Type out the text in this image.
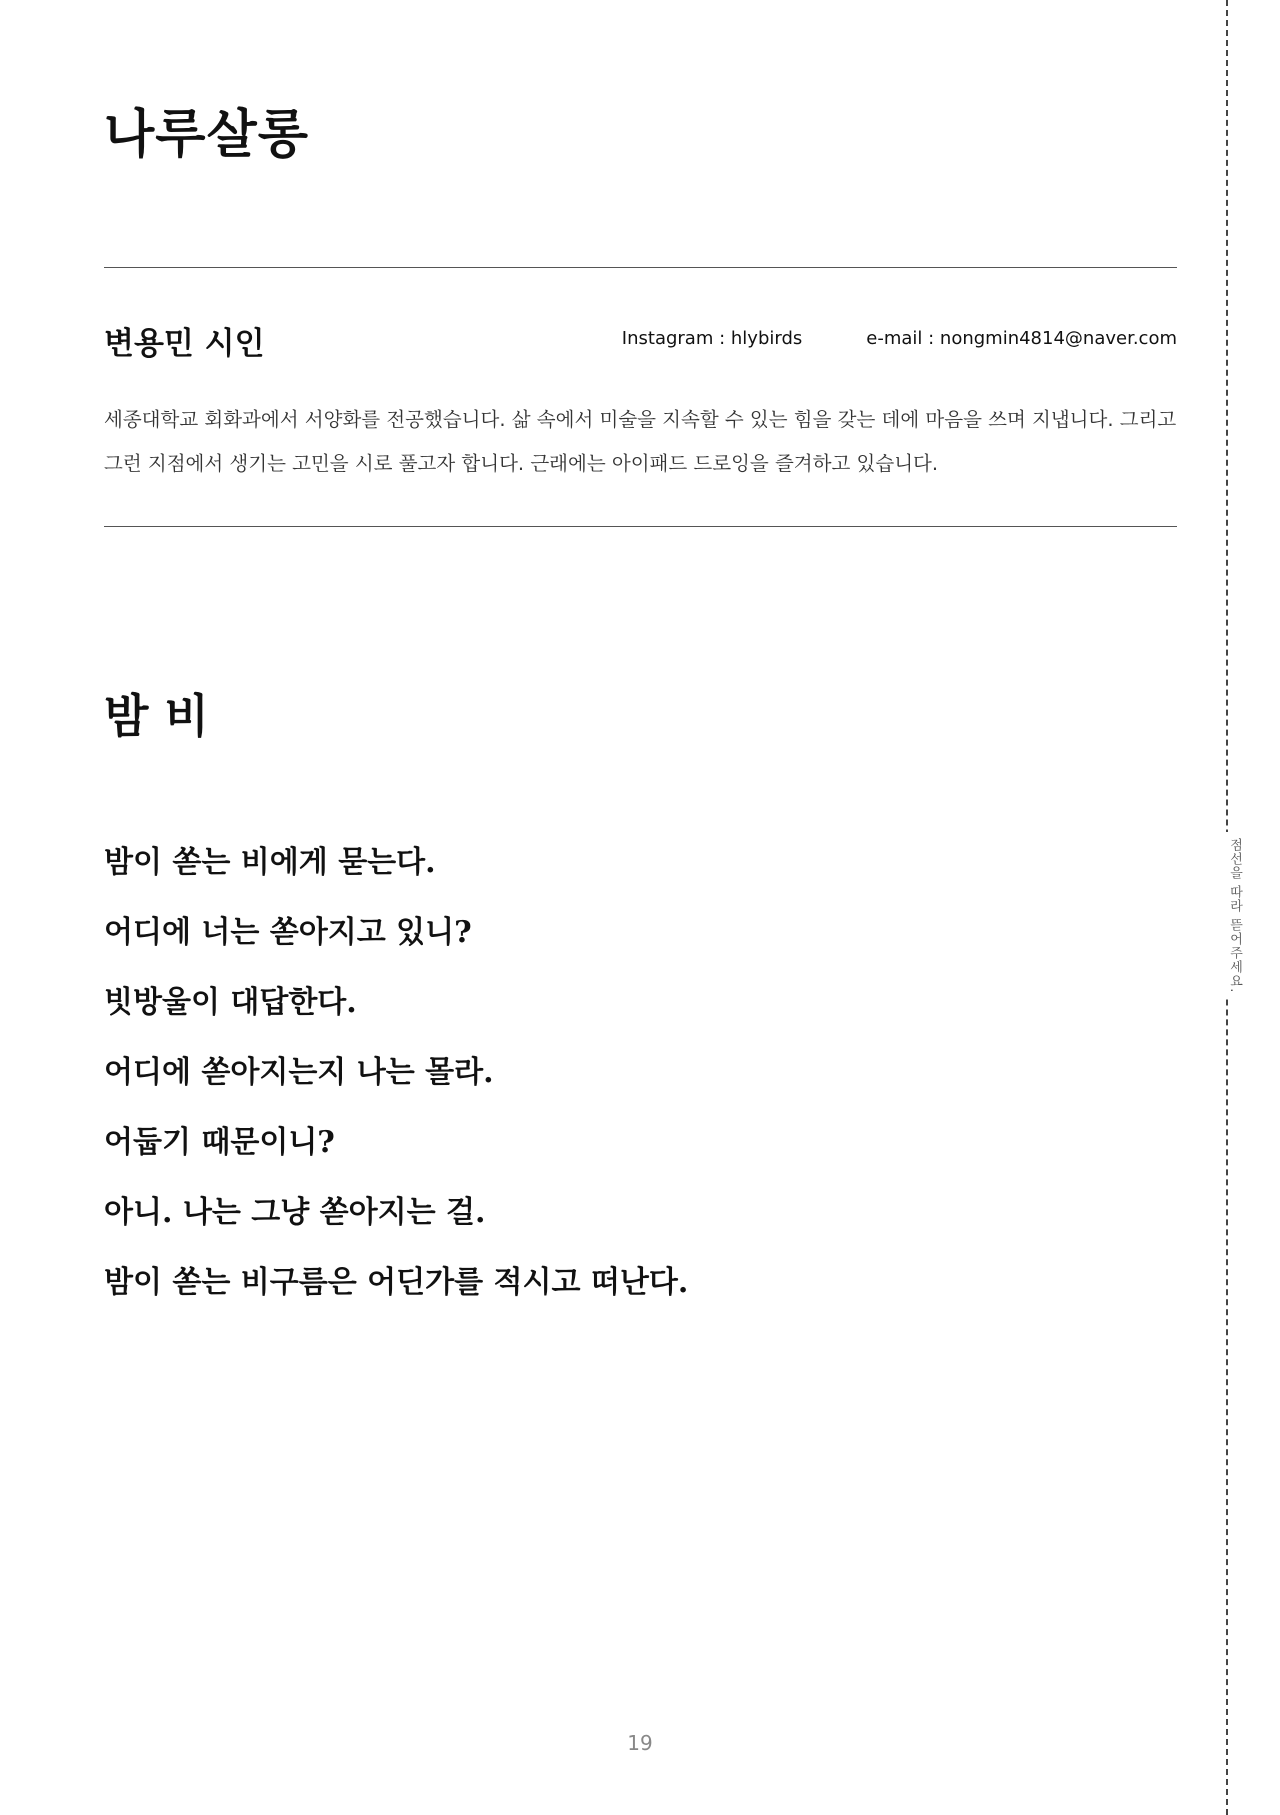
나루살롱
변용민 시인	Instagram : hlybirds	e-mail : nongmin4814@naver.com

세종대학교 회화과에서 서양화를 전공했습니다. 삶 속에서 미술을 지속할 수 있는 힘을 갖는 데에 마음을 쓰며 지냅니다. 그리고 그런 지점에서 생기는 고민을 시로 풀고자 합니다. 근래에는 아이패드 드로잉을 즐겨하고 있습니다.

밤 비
밤이 쏟는 비에게 묻는다.
어디에 너는 쏟아지고 있니?
빗방울이 대답한다.
어디에 쏟아지는지 나는 몰라.
어둡기 때문이니?
아니. 나는 그냥 쏟아지는 걸.
밤이 쏟는 비구름은 어딘가를 적시고 떠난다.
19
점선을 따라 뜯어주세요.
